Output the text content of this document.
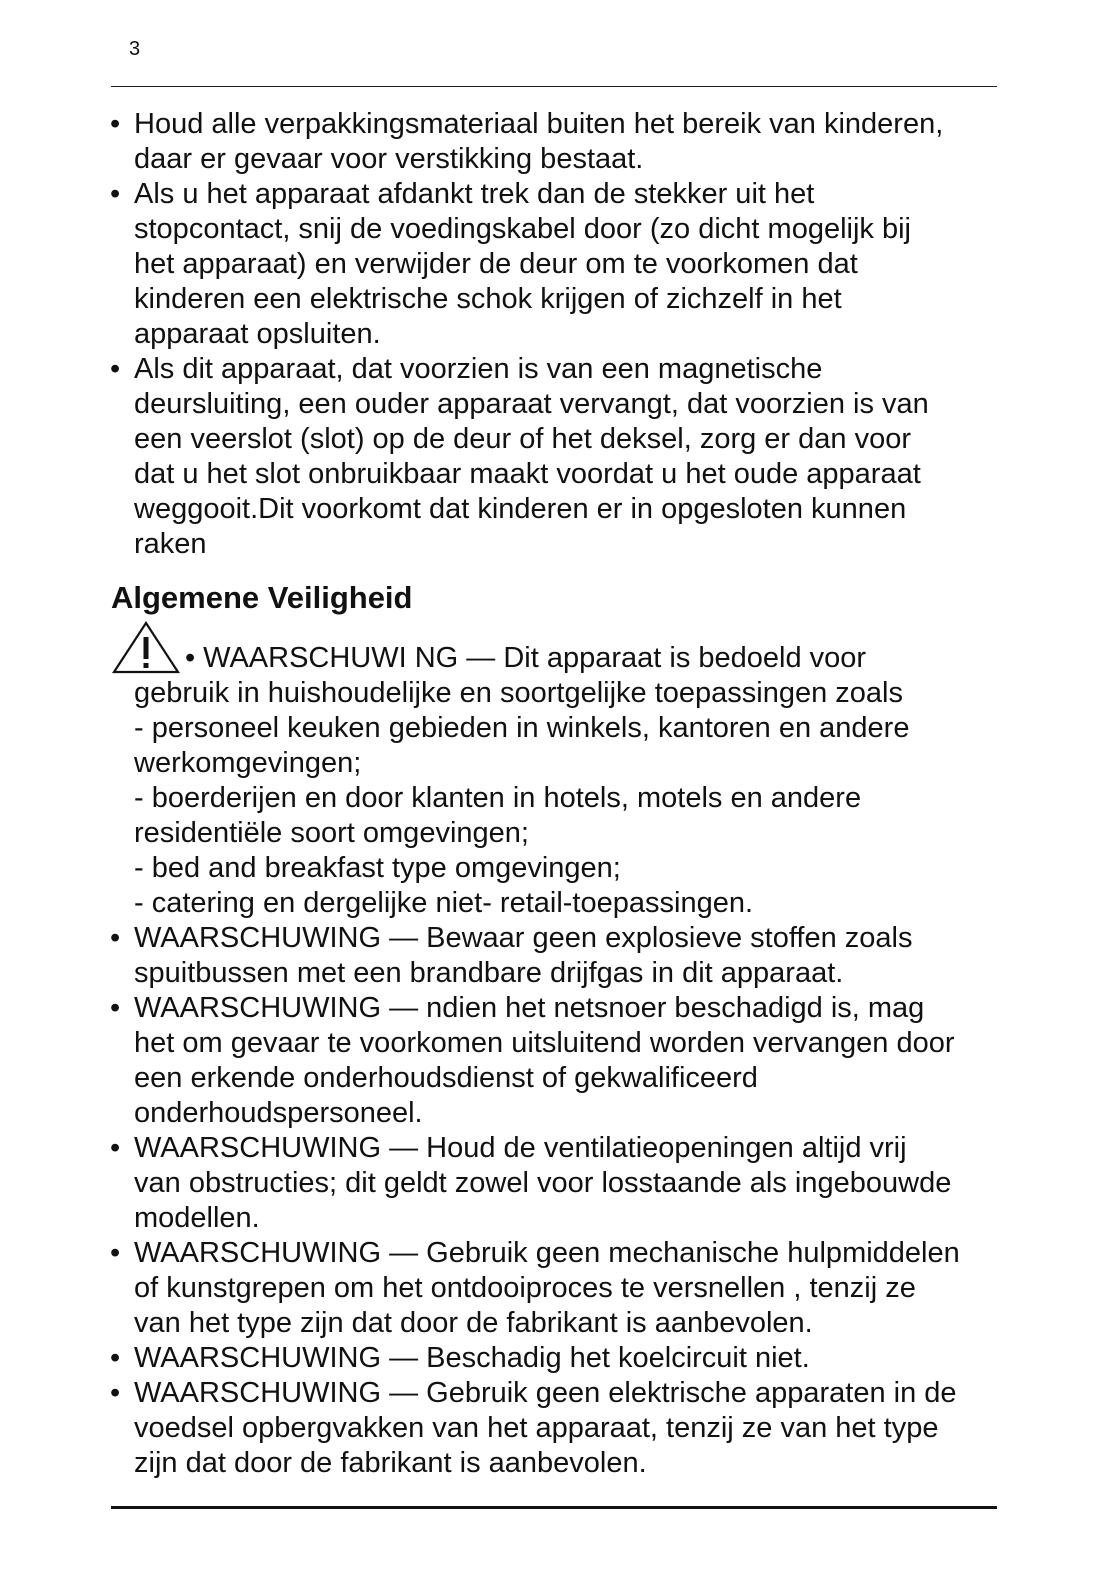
3
• Houd alle verpakkingsmateriaal buiten het bereik van kinderen,
daar er gevaar voor verstikking bestaat.
• Als u het apparaat afdankt trek dan de stekker uit het
stopcontact, snij de voedingskabel door (zo dicht mogelijk bij
het apparaat) en verwijder de deur om te voorkomen dat
kinderen een elektrische schok krijgen of zichzelf in het
apparaat opsluiten.
• Als dit apparaat, dat voorzien is van een magnetische
deursluiting, een ouder apparaat vervangt, dat voorzien is van
een veerslot (slot) op de deur of het deksel, zorg er dan voor
dat u het slot onbruikbaar maakt voordat u het oude apparaat
weggooit.Dit voorkomt dat kinderen er in opgesloten kunnen
raken
Algemene Veiligheid
• WAARSCHUWI NG — Dit apparaat is bedoeld voor
gebruik in huishoudelijke en soortgelijke toepassingen zoals
- personeel keuken gebieden in winkels, kantoren en andere
werkomgevingen;
- boerderijen en door klanten in hotels, motels en andere
residentiële soort omgevingen;
- bed and breakfast type omgevingen;
- catering en dergelijke niet- retail-toepassingen.
• WAARSCHUWING — Bewaar geen explosieve stoffen zoals
spuitbussen met een brandbare drijfgas in dit apparaat.
• WAARSCHUWING — ndien het netsnoer beschadigd is, mag
het om gevaar te voorkomen uitsluitend worden vervangen door
een erkende onderhoudsdienst of gekwalificeerd
onderhoudspersoneel.
• WAARSCHUWING — Houd de ventilatieopeningen altijd vrij
van obstructies; dit geldt zowel voor losstaande als ingebouwde
modellen.
• WAARSCHUWING — Gebruik geen mechanische hulpmiddelen
of kunstgrepen om het ontdooiproces te versnellen , tenzij ze
van het type zijn dat door de fabrikant is aanbevolen.
• WAARSCHUWING — Beschadig het koelcircuit niet.
• WAARSCHUWING — Gebruik geen elektrische apparaten in de
voedsel opbergvakken van het apparaat, tenzij ze van het type
zijn dat door de fabrikant is aanbevolen.
